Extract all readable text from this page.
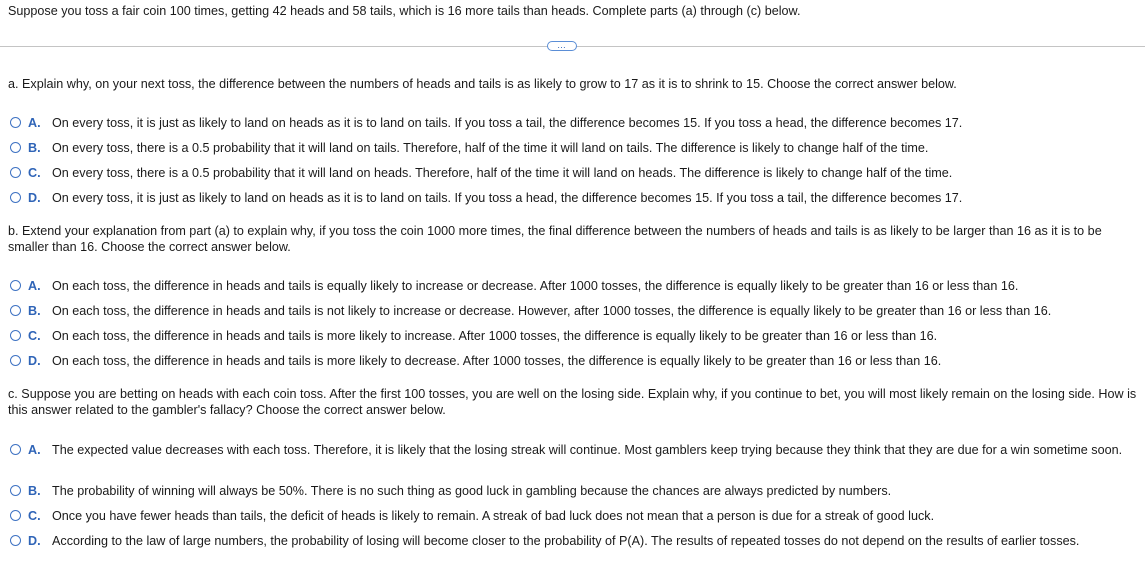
Suppose you toss a fair coin 100 times, getting 42 heads and 58 tails, which is 16 more tails than heads. Complete parts (a) through (c) below.
…
a. Explain why, on your next toss, the difference between the numbers of heads and tails is as likely to grow to 17 as it is to shrink to 15. Choose the correct answer below.
A. On every toss, it is just as likely to land on heads as it is to land on tails. If you toss a tail, the difference becomes 15. If you toss a head, the difference becomes 17.
B. On every toss, there is a 0.5 probability that it will land on tails. Therefore, half of the time it will land on tails. The difference is likely to change half of the time.
C. On every toss, there is a 0.5 probability that it will land on heads. Therefore, half of the time it will land on heads. The difference is likely to change half of the time.
D. On every toss, it is just as likely to land on heads as it is to land on tails. If you toss a head, the difference becomes 15. If you toss a tail, the difference becomes 17.
b. Extend your explanation from part (a) to explain why, if you toss the coin 1000 more times, the final difference between the numbers of heads and tails is as likely to be larger than 16 as it is to be smaller than 16. Choose the correct answer below.
A. On each toss, the difference in heads and tails is equally likely to increase or decrease. After 1000 tosses, the difference is equally likely to be greater than 16 or less than 16.
B. On each toss, the difference in heads and tails is not likely to increase or decrease. However, after 1000 tosses, the difference is equally likely to be greater than 16 or less than 16.
C. On each toss, the difference in heads and tails is more likely to increase. After 1000 tosses, the difference is equally likely to be greater than 16 or less than 16.
D. On each toss, the difference in heads and tails is more likely to decrease. After 1000 tosses, the difference is equally likely to be greater than 16 or less than 16.
c. Suppose you are betting on heads with each coin toss. After the first 100 tosses, you are well on the losing side. Explain why, if you continue to bet, you will most likely remain on the losing side. How is this answer related to the gambler's fallacy? Choose the correct answer below.
A. The expected value decreases with each toss. Therefore, it is likely that the losing streak will continue. Most gamblers keep trying because they think that they are due for a win sometime soon.
B. The probability of winning will always be 50%. There is no such thing as good luck in gambling because the chances are always predicted by numbers.
C. Once you have fewer heads than tails, the deficit of heads is likely to remain. A streak of bad luck does not mean that a person is due for a streak of good luck.
D. According to the law of large numbers, the probability of losing will become closer to the probability of P(A). The results of repeated tosses do not depend on the results of earlier tosses.
